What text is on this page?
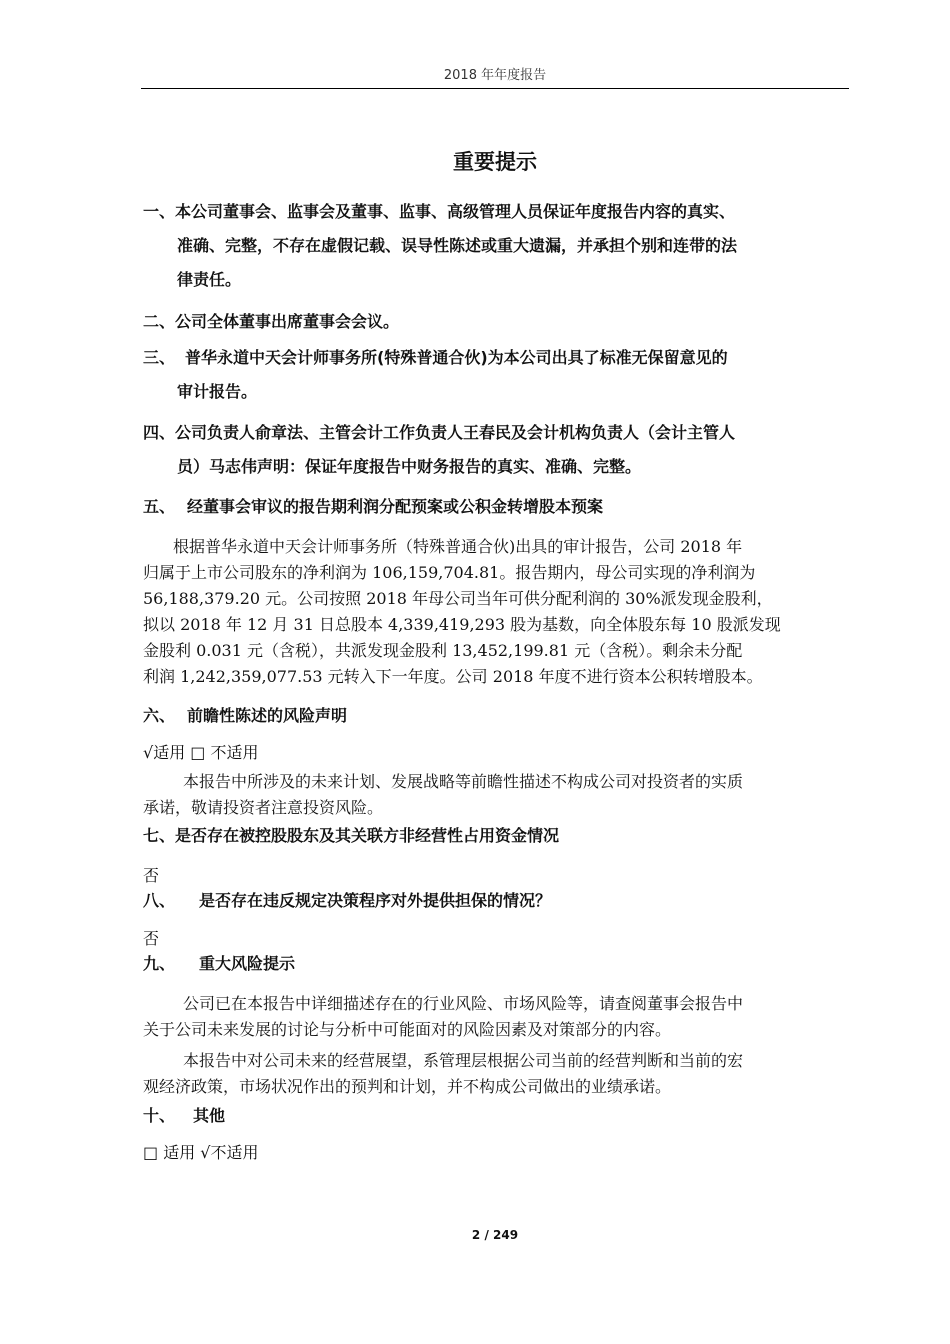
2018 年年度报告
重要提示
一、本公司董事会、监事会及董事、监事、高级管理人员保证年度报告内容的真实、
准确、完整，不存在虚假记载、误导性陈述或重大遗漏，并承担个别和连带的法
律责任。
二、公司全体董事出席董事会会议。
三、 普华永道中天会计师事务所(特殊普通合伙)为本公司出具了标准无保留意见的
审计报告。
四、公司负责人俞章法、主管会计工作负责人王春民及会计机构负责人（会计主管人
员）马志伟声明：保证年度报告中财务报告的真实、准确、完整。
五、 经董事会审议的报告期利润分配预案或公积金转增股本预案
根据普华永道中天会计师事务所（特殊普通合伙)出具的审计报告，公司 2018 年
归属于上市公司股东的净利润为 106,159,704.81。报告期内，母公司实现的净利润为
56,188,379.20 元。公司按照 2018 年母公司当年可供分配利润的 30%派发现金股利，
拟以 2018 年 12 月 31 日总股本 4,339,419,293 股为基数，向全体股东每 10 股派发现
金股利 0.031 元（含税），共派发现金股利 13,452,199.81 元（含税）。剩余未分配
利润 1,242,359,077.53 元转入下一年度。公司 2018 年度不进行资本公积转增股本。
六、 前瞻性陈述的风险声明
√适用 □ 不适用
本报告中所涉及的未来计划、发展战略等前瞻性描述不构成公司对投资者的实质
承诺，敬请投资者注意投资风险。
七、是否存在被控股股东及其关联方非经营性占用资金情况
否
八、 是否存在违反规定决策程序对外提供担保的情况？
否
九、 重大风险提示
公司已在本报告中详细描述存在的行业风险、市场风险等，请查阅董事会报告中
关于公司未来发展的讨论与分析中可能面对的风险因素及对策部分的内容。
本报告中对公司未来的经营展望，系管理层根据公司当前的经营判断和当前的宏
观经济政策，市场状况作出的预判和计划，并不构成公司做出的业绩承诺。
十、 其他
□ 适用 √不适用
2 / 249
